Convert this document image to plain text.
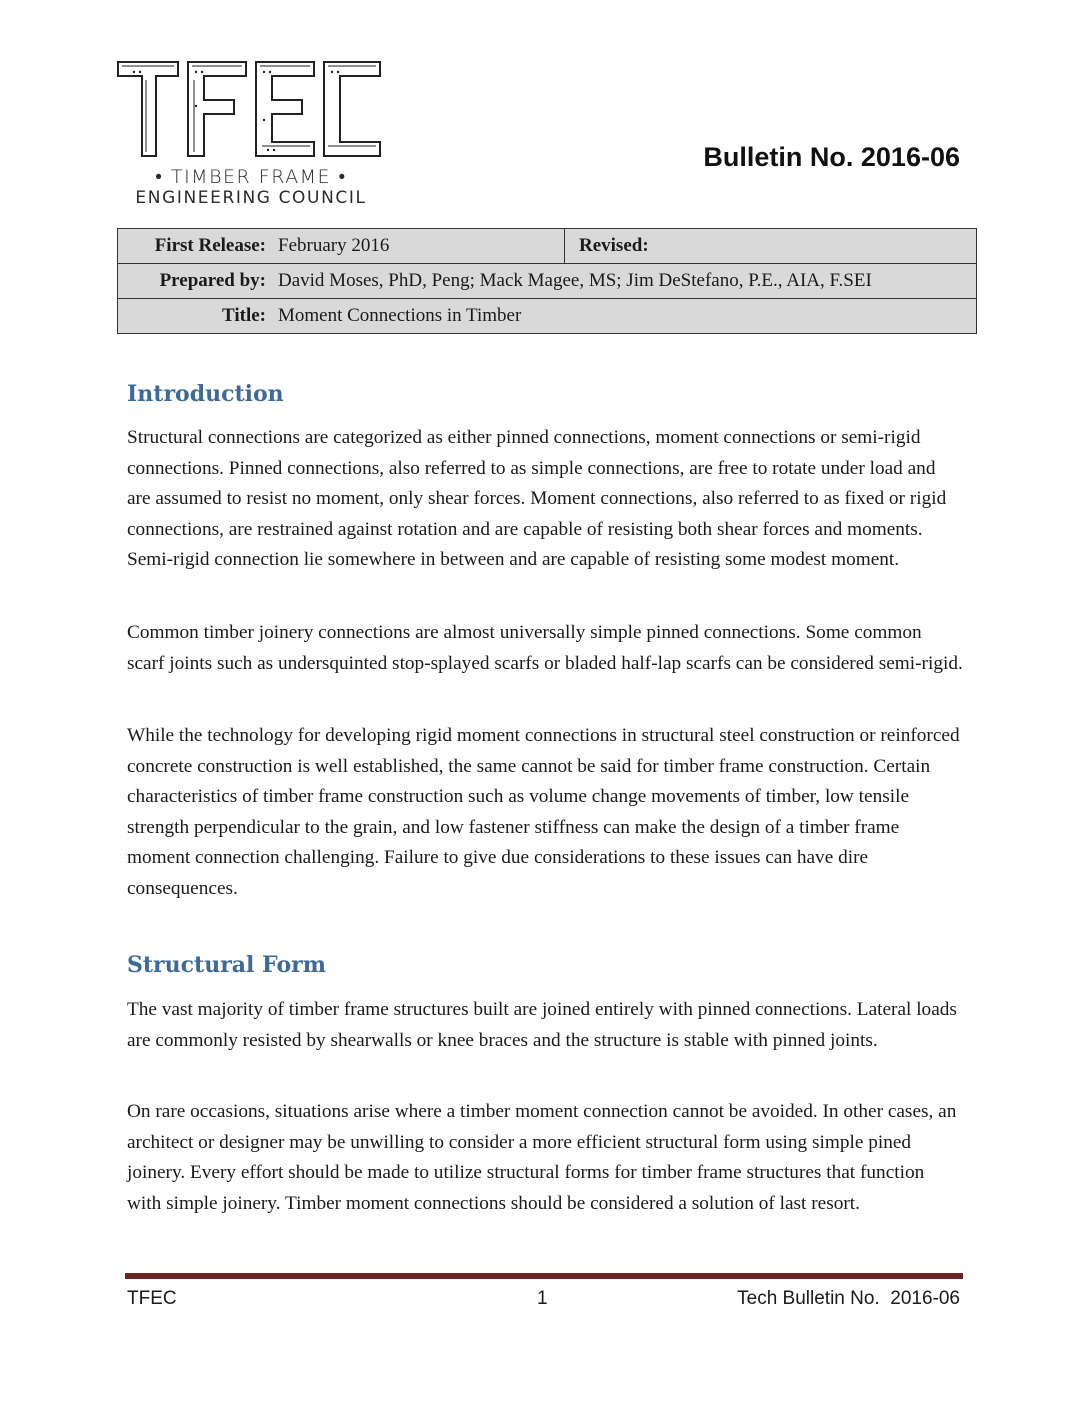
• TIMBER FRAME •
ENGINEERING COUNCIL
Bulletin No. 2016-06
First Release:	February 2016	Revised:
Prepared by:	David Moses, PhD, Peng; Mack Magee, MS; Jim DeStefano, P.E., AIA, F.SEI	
Title:	Moment Connections in Timber	
Introduction

Structural connections are categorized as either pinned connections, moment connections or semi-rigid connections. Pinned connections, also referred to as simple connections, are free to rotate under load and are assumed to resist no moment, only shear forces. Moment connections, also referred to as fixed or rigid connections, are restrained against rotation and are capable of resisting both shear forces and moments. Semi-rigid connection lie somewhere in between and are capable of resisting some modest moment.

Common timber joinery connections are almost universally simple pinned connections. Some common scarf joints such as undersquinted stop-splayed scarfs or bladed half-lap scarfs can be considered semi-rigid.

While the technology for developing rigid moment connections in structural steel construction or reinforced concrete construction is well established, the same cannot be said for timber frame construction. Certain characteristics of timber frame construction such as volume change movements of timber, low tensile strength perpendicular to the grain, and low fastener stiffness can make the design of a timber frame moment connection challenging. Failure to give due considerations to these issues can have dire consequences.

Structural Form

The vast majority of timber frame structures built are joined entirely with pinned connections. Lateral loads are commonly resisted by shearwalls or knee braces and the structure is stable with pinned joints.

On rare occasions, situations arise where a timber moment connection cannot be avoided. In other cases, an architect or designer may be unwilling to consider a more efficient structural form using simple pined joinery. Every effort should be made to utilize structural forms for timber frame structures that function with simple joinery. Timber moment connections should be considered a solution of last resort.

TFEC	1	Tech Bulletin No.  2016-06
